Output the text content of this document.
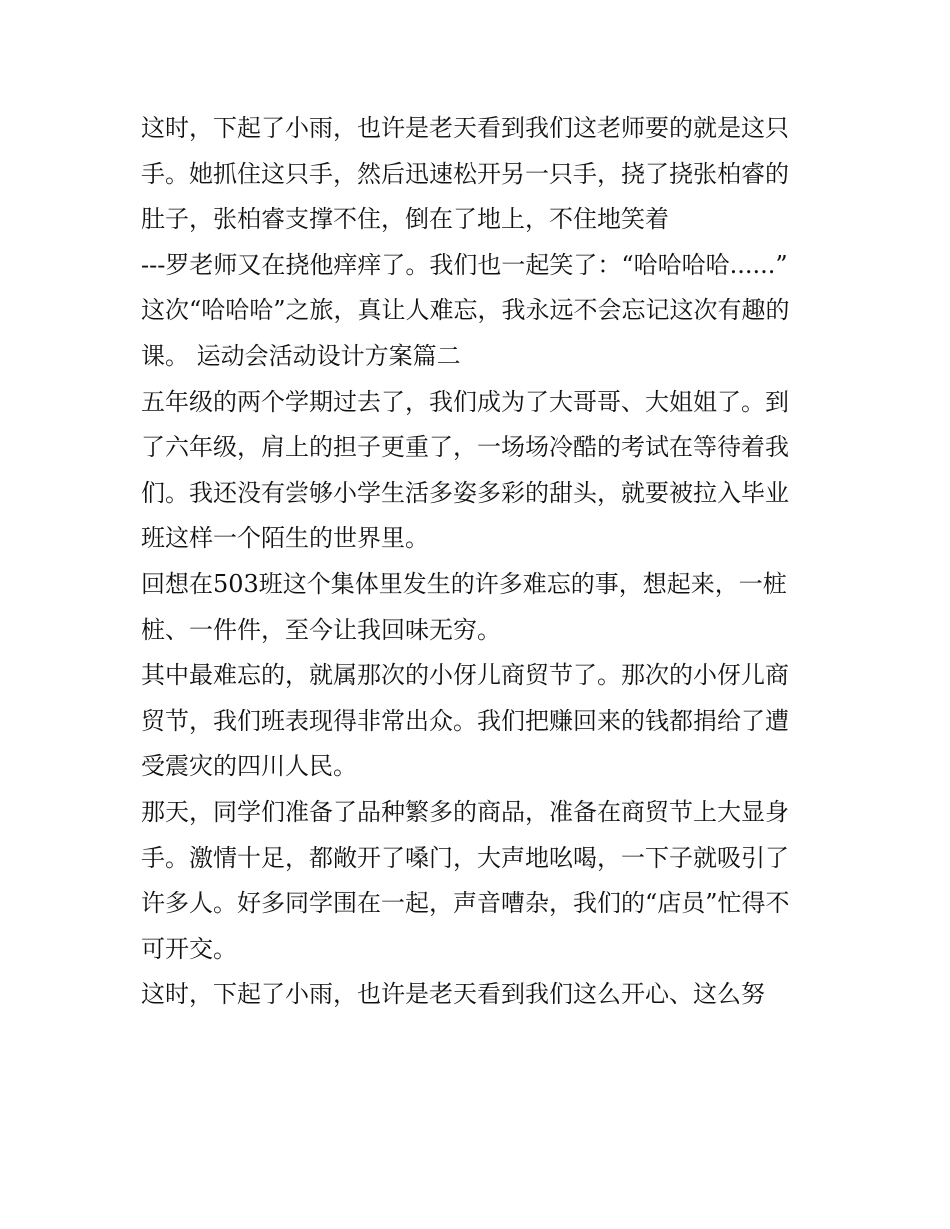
这时，下起了小雨，也许是老天看到我们这老师要的就是这只
手。她抓住这只手，然后迅速松开另一只手，挠了挠张柏睿的
肚子，张柏睿支撑不住，倒在了地上，不住地笑着
---罗老师又在挠他痒痒了。我们也一起笑了：“哈哈哈哈......”
这次“哈哈哈”之旅，真让人难忘，我永远不会忘记这次有趣的
课。 运动会活动设计方案篇二
五年级的两个学期过去了，我们成为了大哥哥、大姐姐了。到
了六年级，肩上的担子更重了，一场场冷酷的考试在等待着我
们。我还没有尝够小学生活多姿多彩的甜头，就要被拉入毕业
班这样一个陌生的世界里。
回想在503班这个集体里发生的许多难忘的事，想起来，一桩
桩、一件件，至今让我回味无穷。
其中最难忘的，就属那次的小伢儿商贸节了。那次的小伢儿商
贸节，我们班表现得非常出众。我们把赚回来的钱都捐给了遭
受震灾的四川人民。
那天，同学们准备了品种繁多的商品，准备在商贸节上大显身
手。激情十足，都敞开了嗓门，大声地吆喝，一下子就吸引了
许多人。好多同学围在一起，声音嘈杂，我们的“店员”忙得不
可开交。
这时，下起了小雨，也许是老天看到我们这么开心、这么努
